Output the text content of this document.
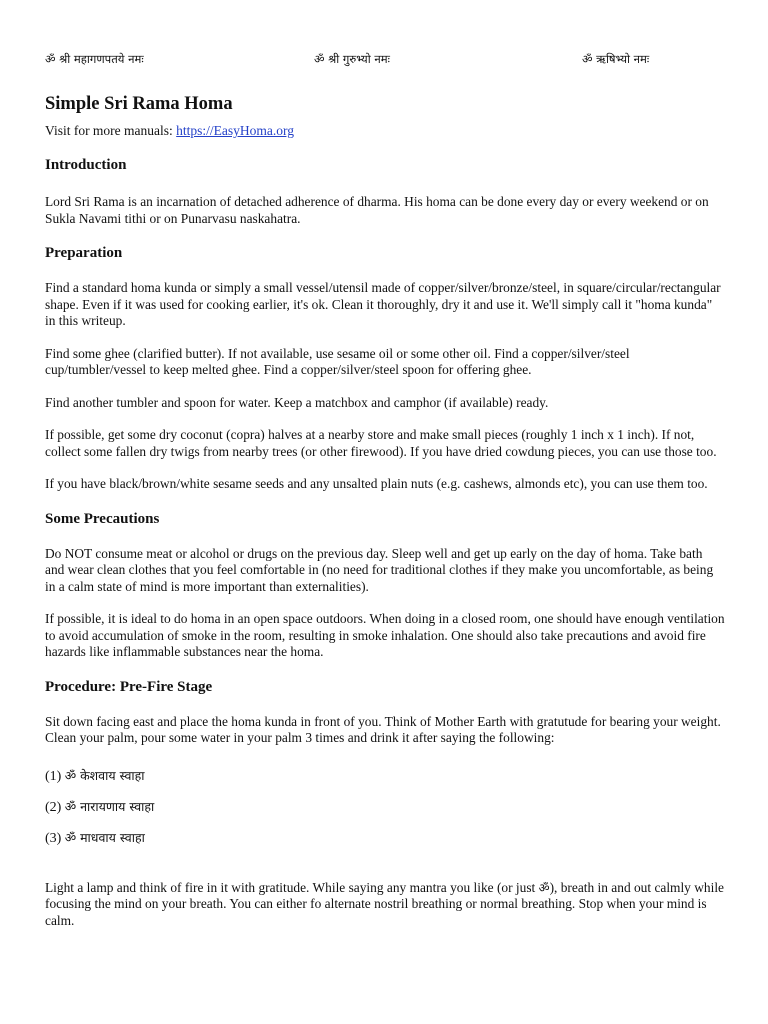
ॐ श्री महागणपतये नमः	ॐ श्री गुरुभ्यो नमः	ॐ ऋषिभ्यो नमः
Simple Sri Rama Homa
Visit for more manuals: https://EasyHoma.org
Introduction

Lord Sri Rama is an incarnation of detached adherence of dharma. His homa can be done every day or every weekend or on Sukla Navami tithi or on Punarvasu naskahatra.

Preparation

Find a standard homa kunda or simply a small vessel/utensil made of copper/silver/bronze/steel, in square/circular/rectangular shape. Even if it was used for cooking earlier, it's ok. Clean it thoroughly, dry it and use it. We'll simply call it "homa kunda" in this writeup.

Find some ghee (clarified butter). If not available, use sesame oil or some other oil. Find a copper/silver/steel cup/tumbler/vessel to keep melted ghee. Find a copper/silver/steel spoon for offering ghee.

Find another tumbler and spoon for water. Keep a matchbox and camphor (if available) ready.

If possible, get some dry coconut (copra) halves at a nearby store and make small pieces (roughly 1 inch x 1 inch). If not, collect some fallen dry twigs from nearby trees (or other firewood). If you have dried cowdung pieces, you can use those too.

If you have black/brown/white sesame seeds and any unsalted plain nuts (e.g. cashews, almonds etc), you can use them too.

Some Precautions

Do NOT consume meat or alcohol or drugs on the previous day. Sleep well and get up early on the day of homa. Take bath and wear clean clothes that you feel comfortable in (no need for traditional clothes if they make you uncomfortable, as being in a calm state of mind is more important than externalities).

If possible, it is ideal to do homa in an open space outdoors. When doing in a closed room, one should have enough ventilation to avoid accumulation of smoke in the room, resulting in smoke inhalation. One should also take precautions and avoid fire hazards like inflammable substances near the homa.

Procedure: Pre-Fire Stage

Sit down facing east and place the homa kunda in front of you. Think of Mother Earth with gratutude for bearing your weight. Clean your palm, pour some water in your palm 3 times and drink it after saying the following:

(1) ॐ केशवाय स्वाहा
(2) ॐ नारायणाय स्वाहा
(3) ॐ माधवाय स्वाहा

Light a lamp and think of fire in it with gratitude. While saying any mantra you like (or just ॐ), breath in and out calmly while focusing the mind on your breath. You can either fo alternate nostril breathing or normal breathing. Stop when your mind is calm.
